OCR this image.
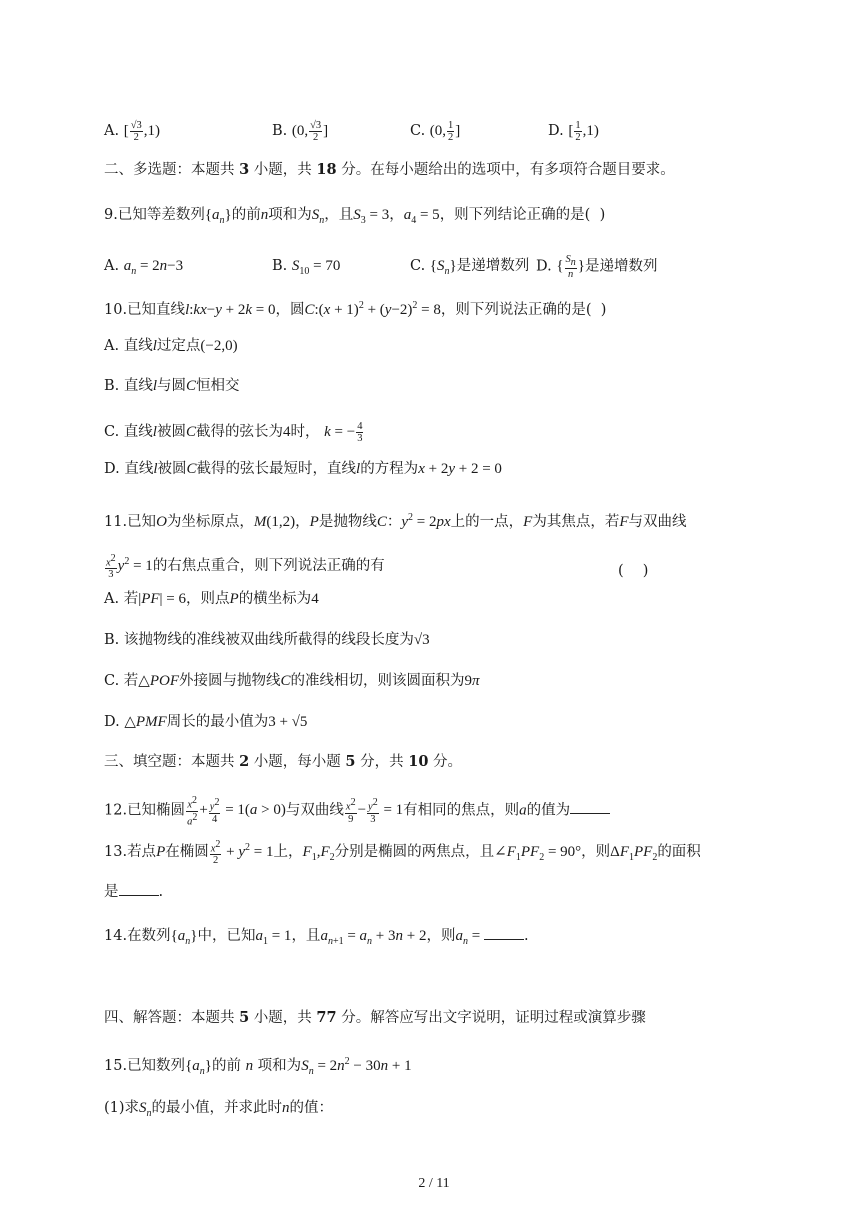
A. [ $\frac{√3}{2} ,1$)	B. (0, $\frac{√3}{2}$ ]	C. (0, $\frac{1}{2}$ ]	D. [ $\frac{1}{2} ,1$)
二、多选题：本题共 3 小题，共 18 分。在每小题给出的选项中，有多项符合题目要求。
9.已知等差数列$\{a_n\}$的前n项和为$S_n$，且$S_3 = 3$，$a_4 = 5$，则下列结论正确的是( )
A. $a_n = 2n-3$	B. $S_{10} = 70$	C. $\{S_n\}$是递增数列 D. { $\frac{S_n}{n}$ }是递增数列
10.已知直线l:kx−y + 2k = 0，圆C:(x + $1)^2 + (y-2)^2 = 8$，则下列说法正确的是( )
A. 直线l过定点(−2,0)
B. 直线l与圆C恒相交
C. 直线l被圆C截得的弦长为4时， k = − $\frac{4}{3}$
D. 直线l被圆C截得的弦长最短时，直线l的方程为x + 2y + 2 = 0
11.已知O为坐标原点，M(1,2)，P是抛物线C：$y^2 = 2px$上的一点，F为其焦点，若F与双曲线
$\frac{x^2}{3} y^2 = 1$的右焦点重合，则下列说法正确的有	(　 )
A. 若|PF| = 6，则点P的横坐标为4
B. 该抛物线的准线被双曲线所截得的线段长度为√3
C. 若△POF外接圆与抛物线C的准线相切，则该圆面积为9π
D. △PMF周长的最小值为3 + √5
三、填空题：本题共 2 小题，每小题 5 分，共 10 分。
12.已知椭圆 $\frac{x^2}{a^2} + \frac{y^2}{4} = 1(a > 0)$与双曲线 $\frac{x^2}{9} - \frac{y^2}{3} = 1$有相同的焦点，则a的值为
13.若点P在椭圆 $\frac{x^2}{2} + y^2 = 1$上，$F_1,F_2$分别是椭圆的两焦点，且$\angle F_1PF_2 = 90^\circ$，则$\Delta F_1PF_2$的面积
是	.
14.在数列$\{a_n\}$中，已知$a_1 = 1$，且$a_{n+1} = a_n + 3n + 2$，则$a_n$ =	.
四、解答题：本题共 5 小题，共 77 分。解答应写出文字说明，证明过程或演算步骤
15.已知数列$\{a_n\}$的前 n 项和为$S_n = 2n^2 - 30n + 1$
(1)求$S_n$的最小值，并求此时n的值：
2 / 11
